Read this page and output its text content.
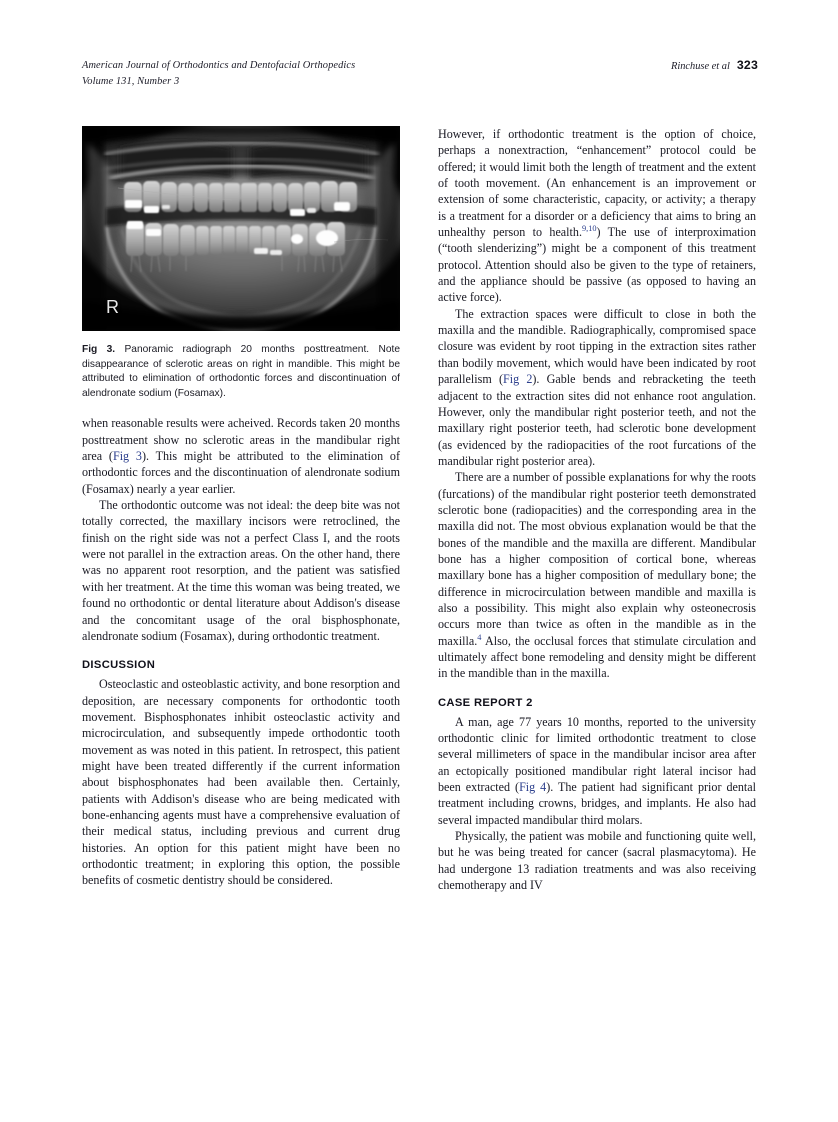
American Journal of Orthodontics and Dentofacial Orthopedics
Volume 131, Number 3
Rinchuse et al 323
R
Fig 3. Panoramic radiograph 20 months posttreatment. Note disappearance of sclerotic areas on right in mandible. This might be attributed to elimination of orthodontic forces and discontinuation of alendronate sodium (Fosamax).

when reasonable results were acheived. Records taken 20 months posttreatment show no sclerotic areas in the mandibular right area (Fig 3). This might be attributed to the elimination of orthodontic forces and the discontinuation of alendronate sodium (Fosamax) nearly a year earlier.

The orthodontic outcome was not ideal: the deep bite was not totally corrected, the maxillary incisors were retroclined, the finish on the right side was not a perfect Class I, and the roots were not parallel in the extraction areas. On the other hand, there was no apparent root resorption, and the patient was satisfied with her treatment. At the time this woman was being treated, we found no orthodontic or dental literature about Addison's disease and the concomitant usage of the oral bisphosphonate, alendronate sodium (Fosamax), during orthodontic treatment.

DISCUSSION

Osteoclastic and osteoblastic activity, and bone resorption and deposition, are necessary components for orthodontic tooth movement. Bisphosphonates inhibit osteoclastic activity and microcirculation, and subsequently impede orthodontic tooth movement as was noted in this patient. In retrospect, this patient might have been treated differently if the current information about bisphosphonates had been available then. Certainly, patients with Addison's disease who are being medicated with bone-enhancing agents must have a comprehensive evaluation of their medical status, including previous and current drug histories. An option for this patient might have been no orthodontic treatment; in exploring this option, the possible benefits of cosmetic dentistry should be considered.

However, if orthodontic treatment is the option of choice, perhaps a nonextraction, “enhancement” protocol could be offered; it would limit both the length of treatment and the extent of tooth movement. (An enhancement is an improvement or extension of some characteristic, capacity, or activity; a therapy is a treatment for a disorder or a deficiency that aims to bring an unhealthy person to health.$^{9,10}$) The use of interproximation (“tooth slenderizing”) might be a component of this treatment protocol. Attention should also be given to the type of retainers, and the appliance should be passive (as opposed to having an active force).

The extraction spaces were difficult to close in both the maxilla and the mandible. Radiographically, compromised space closure was evident by root tipping in the extraction sites rather than bodily movement, which would have been indicated by root parallelism (Fig 2). Gable bends and rebracketing the teeth adjacent to the extraction sites did not enhance root angulation. However, only the mandibular right posterior teeth, and not the maxillary right posterior teeth, had sclerotic bone development (as evidenced by the radiopacities of the root furcations of the mandibular right posterior area).

There are a number of possible explanations for why the roots (furcations) of the mandibular right posterior teeth demonstrated sclerotic bone (radiopacities) and the corresponding area in the maxilla did not. The most obvious explanation would be that the bones of the mandible and the maxilla are different. Mandibular bone has a higher composition of cortical bone, whereas maxillary bone has a higher composition of medullary bone; the difference in microcirculation between mandible and maxilla is also a possibility. This might also explain why osteonecrosis occurs more than twice as often in the mandible as in the maxilla.$^4$ Also, the occlusal forces that stimulate circulation and ultimately affect bone remodeling and density might be different in the mandible than in the maxilla.

CASE REPORT 2

A man, age 77 years 10 months, reported to the university orthodontic clinic for limited orthodontic treatment to close several millimeters of space in the mandibular incisor area after an ectopically positioned mandibular right lateral incisor had been extracted (Fig 4). The patient had significant prior dental treatment including crowns, bridges, and implants. He also had several impacted mandibular third molars.

Physically, the patient was mobile and functioning quite well, but he was being treated for cancer (sacral plasmacytoma). He had undergone 13 radiation treatments and was also receiving chemotherapy and IV
